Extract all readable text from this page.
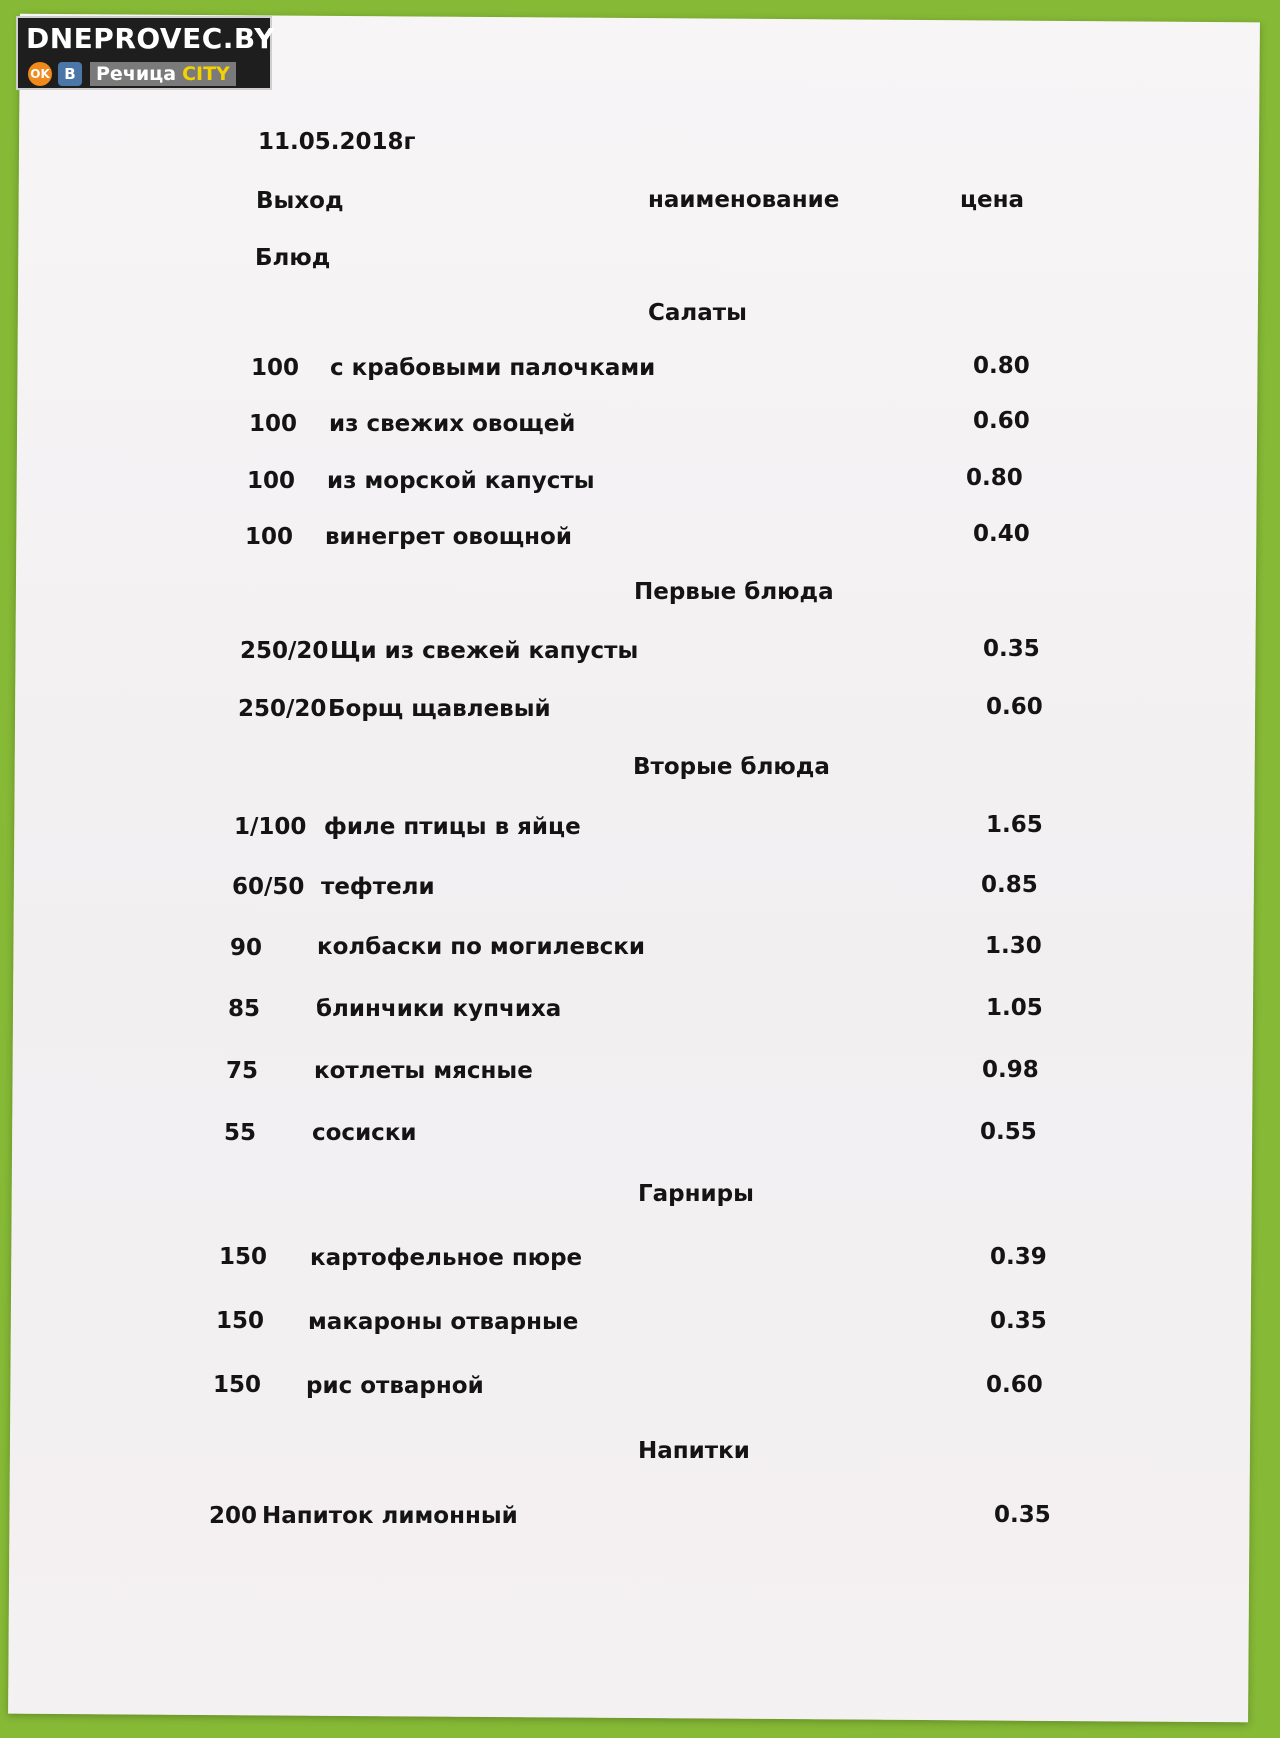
DNEPROVEC.BY
OK B	Речица CITY
11.05.2018г
Выход	наименование	цена
Блюд
Салаты
100 с крабовыми палочками	0.80
100 из свежих овощей	0.60
100 из морской капусты	0.80
100 винегрет овощной	0.40
Первые блюда
250/20 Щи из свежей капусты	0.35
250/20 Борщ щавлевый	0.60
Вторые блюда
1/100 филе птицы в яйце	1.65
60/50 тефтели	0.85
90 колбаски по могилевски	1.30
85 блинчики купчиха	1.05
75 котлеты мясные	0.98
55 сосиски	0.55
Гарниры
150 картофельное пюре	0.39
150 макароны отварные	0.35
150 рис отварной	0.60
Напитки
200 Напиток лимонный	0.35
